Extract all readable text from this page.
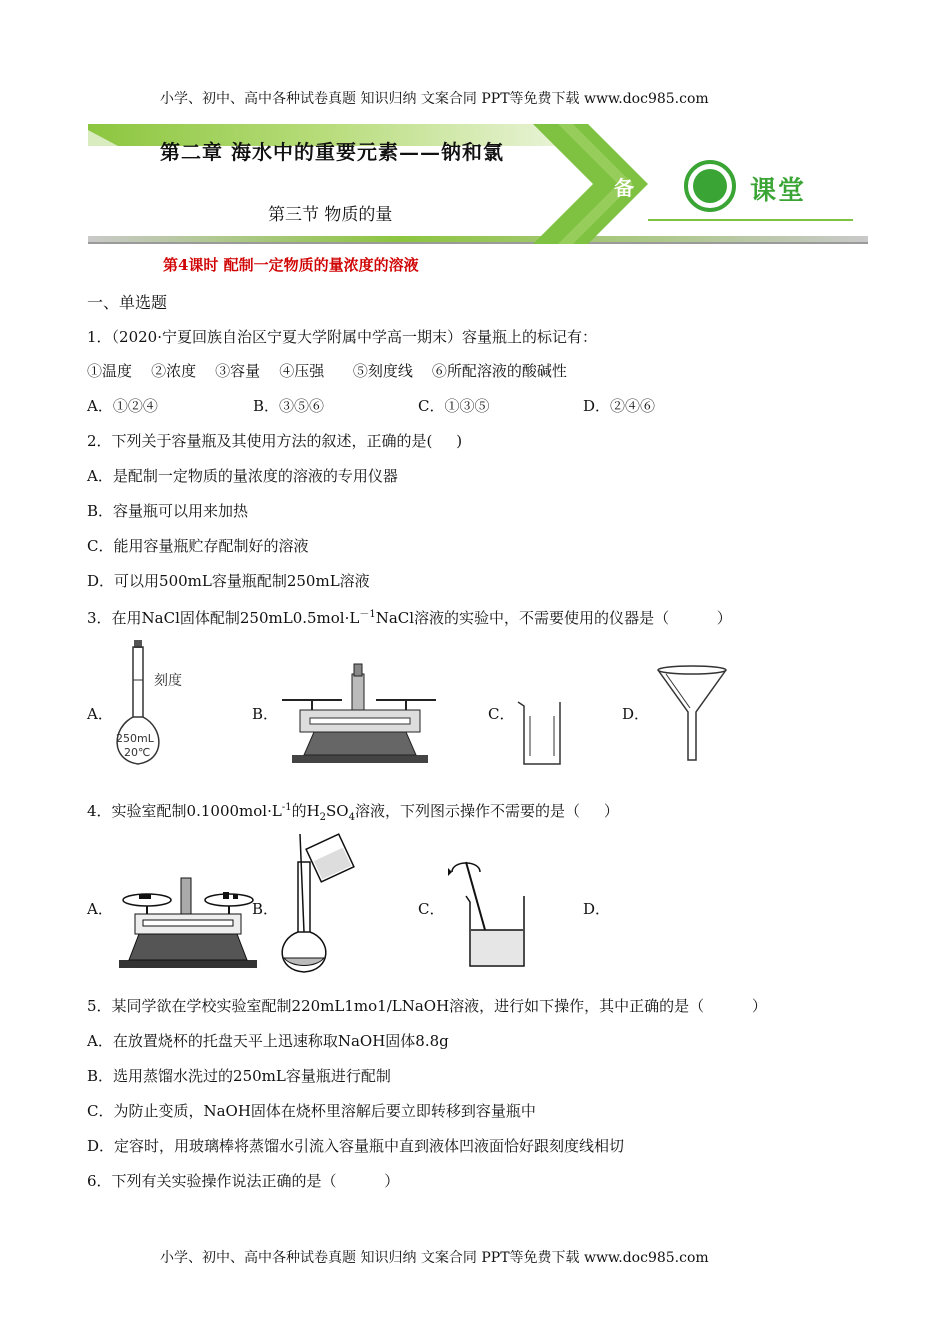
小学、初中、高中各种试卷真题 知识归纳 文案合同 PPT等免费下载 www.doc985.com
备	课堂
第二章 海水中的重要元素——钠和氯
第三节 物质的量
第4课时 配制一定物质的量浓度的溶液
一、单选题
1．（2020·宁夏回族自治区宁夏大学附属中学高一期末）容量瓶上的标记有：
①温度    ②浓度    ③容量    ④压强      ⑤刻度线    ⑥所配溶液的酸碱性
A．①②④	B．③⑤⑥	C．①③⑤	D．②④⑥
2．下列关于容量瓶及其使用方法的叙述，正确的是(     )
A．是配制一定物质的量浓度的溶液的专用仪器
B．容量瓶可以用来加热
C．能用容量瓶贮存配制好的溶液
D．可以用500mL容量瓶配制250mL溶液
3．在用NaCl固体配制$250mL0.5mol\cdot L^{-1}NaCl$溶液的实验中，不需要使用的仪器是（          ）
A．
刻度
250mL
20℃
B．	C．	D．
4．实验室配制$0.1000mol\cdot L^{-1}$的$H_2SO_4$溶液，下列图示操作不需要的是（     ）
A．	B．	C．	D．
5．某同学欲在学校实验室配制220mL1mo1/LNaOH溶液，进行如下操作，其中正确的是（          ）
A．在放置烧杯的托盘天平上迅速称取NaOH固体8.8g
B．选用蒸馏水洗过的250mL容量瓶进行配制
C．为防止变质，NaOH固体在烧杯里溶解后要立即转移到容量瓶中
D．定容时，用玻璃棒将蒸馏水引流入容量瓶中直到液体凹液面恰好跟刻度线相切
6．下列有关实验操作说法正确的是（          ）
小学、初中、高中各种试卷真题 知识归纳 文案合同 PPT等免费下载 www.doc985.com
